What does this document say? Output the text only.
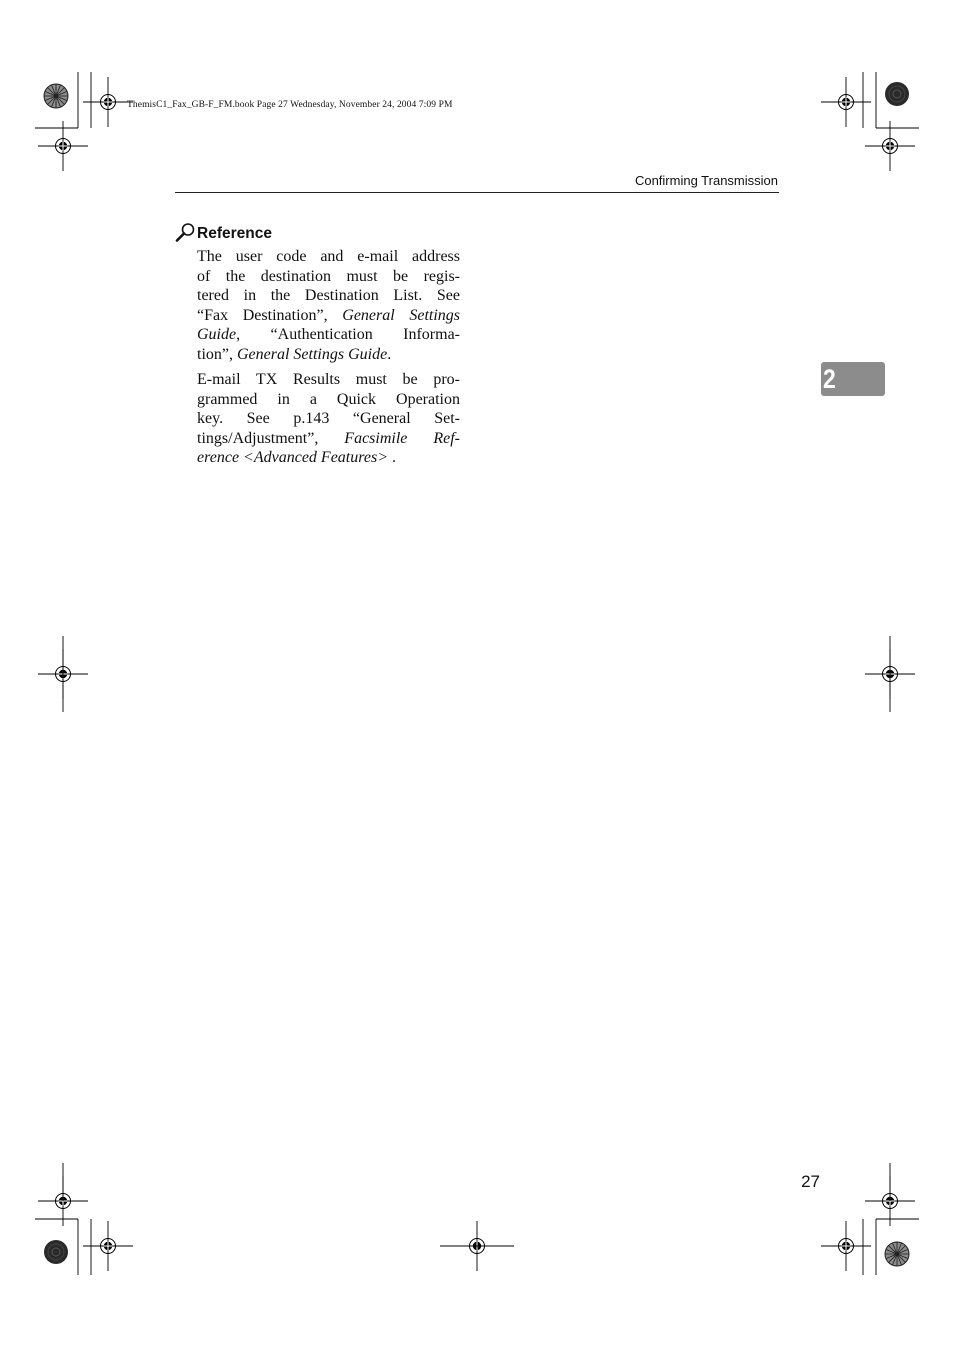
ThemisC1_Fax_GB-F_FM.book Page 27 Wednesday, November 24, 2004 7:09 PM
Confirming Transmission
Reference
The user code and e-mail address
of the destination must be regis-
tered in the Destination List. See
“Fax Destination”, General Settings
Guide, “Authentication Informa-
tion”, General Settings Guide.
E-mail TX Results must be pro-
grammed in a Quick Operation
key. See p.143 “General Set-
tings/Adjustment”, Facsimile Ref-
erence <Advanced Features> .
2
27
